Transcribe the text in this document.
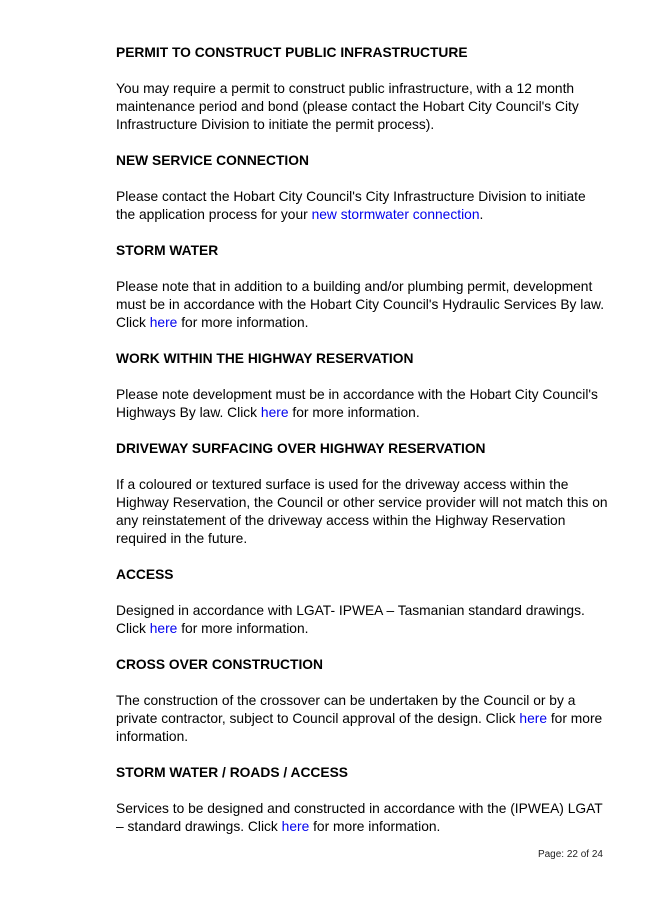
PERMIT TO CONSTRUCT PUBLIC INFRASTRUCTURE

You may require a permit to construct public infrastructure, with a 12 month maintenance period and bond (please contact the Hobart City Council's City Infrastructure Division to initiate the permit process).

NEW SERVICE CONNECTION

Please contact the Hobart City Council's City Infrastructure Division to initiate the application process for your new stormwater connection.

STORM WATER

Please note that in addition to a building and/or plumbing permit, development must be in accordance with the Hobart City Council's Hydraulic Services By law. Click here for more information.

WORK WITHIN THE HIGHWAY RESERVATION

Please note development must be in accordance with the Hobart City Council's Highways By law. Click here for more information.

DRIVEWAY SURFACING OVER HIGHWAY RESERVATION

If a coloured or textured surface is used for the driveway access within the Highway Reservation, the Council or other service provider will not match this on any reinstatement of the driveway access within the Highway Reservation required in the future.

ACCESS

Designed in accordance with LGAT- IPWEA – Tasmanian standard drawings. Click here for more information.

CROSS OVER CONSTRUCTION

The construction of the crossover can be undertaken by the Council or by a private contractor, subject to Council approval of the design. Click here for more information.

STORM WATER / ROADS / ACCESS

Services to be designed and constructed in accordance with the (IPWEA) LGAT – standard drawings. Click here for more information.

Page: 22 of 24
